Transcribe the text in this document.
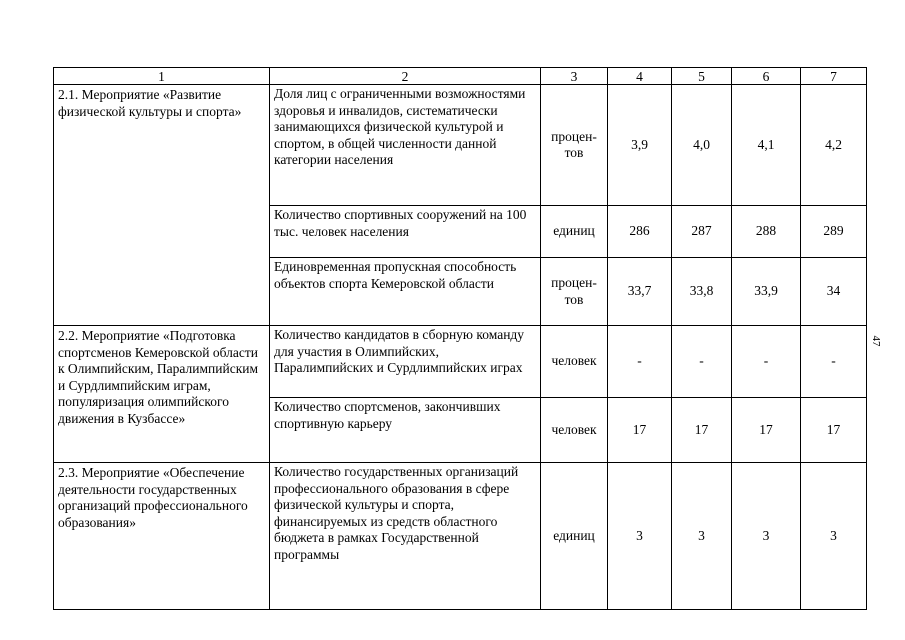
1	2	3	4	5	6	7
2.1. Мероприятие «Развитие физической культуры и спорта»	Доля лиц с ограниченными возможностями здоровья и инвалидов, систематически занимающихся физической культурой и спортом, в общей численности данной категории населения	процен-тов	3,9	4,0	4,1	4,2
	Количество спортивных сооружений на 100 тыс. человек населения	единиц	286	287	288	289
	Единовременная пропускная способность объектов спорта Кемеровской области	процен-тов	33,7	33,8	33,9	34
2.2. Мероприятие «Подготовка спортсменов Кемеровской области к Олимпийским, Паралимпийским и Сурдлимпийским играм, популяризация олимпийского движения в Кузбассе»	Количество кандидатов в сборную команду для участия в Олимпийских, Паралимпийских и Сурдлимпийских играх	человек	-	-	-	-
	Количество спортсменов, закончивших спортивную карьеру	человек	17	17	17	17
2.3. Мероприятие «Обеспечение деятельности государственных организаций профессионального образования»	Количество государственных организаций профессионального образования в сфере физической культуры и спорта, финансируемых из средств областного бюджета в рамках Государственной программы	единиц	3	3	3	3
47
